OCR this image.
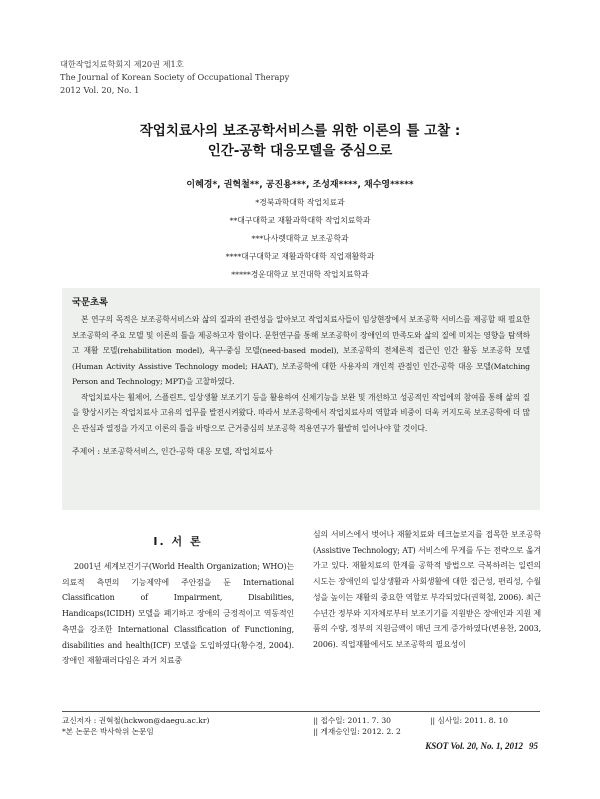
대한작업치료학회지 제20권 제1호
The Journal of Korean Society of Occupational Therapy
2012 Vol. 20, No. 1
작업치료사의 보조공학서비스를 위한 이론의 틀 고찰 :
인간-공학 대응모델을 중심으로
이혜경*, 권혁철**, 공진용***, 조성재****, 채수영*****
*경북과학대학 작업치료과
**대구대학교 재활과학대학 작업치료학과
***나사렛대학교 보조공학과
****대구대학교 재활과학대학 직업재활학과
*****경운대학교 보건대학 작업치료학과
국문초록

본 연구의 목적은 보조공학서비스와 삶의 질과의 관련성을 알아보고 작업치료사들이 임상현장에서 보조공학 서비스를 제공할 때 필요한 보조공학의 주요 모델 및 이론의 틀을 제공하고자 함이다. 문헌연구를 통해 보조공학이 장애인의 만족도와 삶의 질에 미치는 영향을 탐색하고 재활 모델(rehabilitation model), 욕구-중심 모델(need-based model), 보조공학의 전체론적 접근인 인간 활동 보조공학 모델(Human Activity Assistive Technology model; HAAT), 보조공학에 대한 사용자의 개인적 관점인 인간-공학 대응 모델(Matching Person and Technology; MPT)을 고찰하였다.

작업치료사는 휠체어, 스플린트, 일상생활 보조기기 등을 활용하여 신체기능을 보완 및 개선하고 성공적인 작업에의 참여를 통해 삶의 질을 향상시키는 작업치료사 고유의 업무를 발전시켜왔다. 따라서 보조공학에서 작업치료사의 역할과 비중이 더욱 커지도록 보조공학에 더 많은 관심과 열정을 가지고 이론의 틀을 바탕으로 근거중심의 보조공학 적용연구가 활발히 일어나야 할 것이다.

주제어 : 보조공학서비스, 인간-공학 대응 모델, 작업치료사
Ⅰ. 서 론

2001년 세계보건기구(World Health Organization; WHO)는 의료적 측면의 기능제약에 주안점을 둔 International Classification of Impairment, Disabilities, Handicaps(ICIDH) 모델을 폐기하고 장애의 긍정적이고 역동적인 측면을 강조한 International Classification of Functioning, disabilities and health(ICF) 모델을 도입하였다(황수경, 2004). 장애인 재활패러다임은 과거 치료중

심의 서비스에서 벗어나 재활치료와 테크놀로지를 접목한 보조공학(Assistive Technology; AT) 서비스에 무게를 두는 전략으로 옮겨가고 있다. 재활치료의 한계를 공학적 방법으로 극복하려는 일련의 시도는 장애인의 일상생활과 사회생활에 대한 접근성, 편리성, 수월성을 높이는 재활의 중요한 역할로 부각되었다(권혁철, 2006). 최근 수년간 정부와 지자체로부터 보조기기를 지원받은 장애인과 지원 제품의 수량, 정부의 지원금액이 매년 크게 증가하였다(변용찬, 2003, 2006). 직업재활에서도 보조공학의 필요성이

교신저자 : 권혁철(hckwon@daegu.ac.kr)
*본 논문은 박사학위 논문임
|| 접수일: 2011. 7. 30
|| 게재승인일: 2012. 2. 2
|| 심사일: 2011. 8. 10
KSOT Vol. 20, No. 1, 2012 95
